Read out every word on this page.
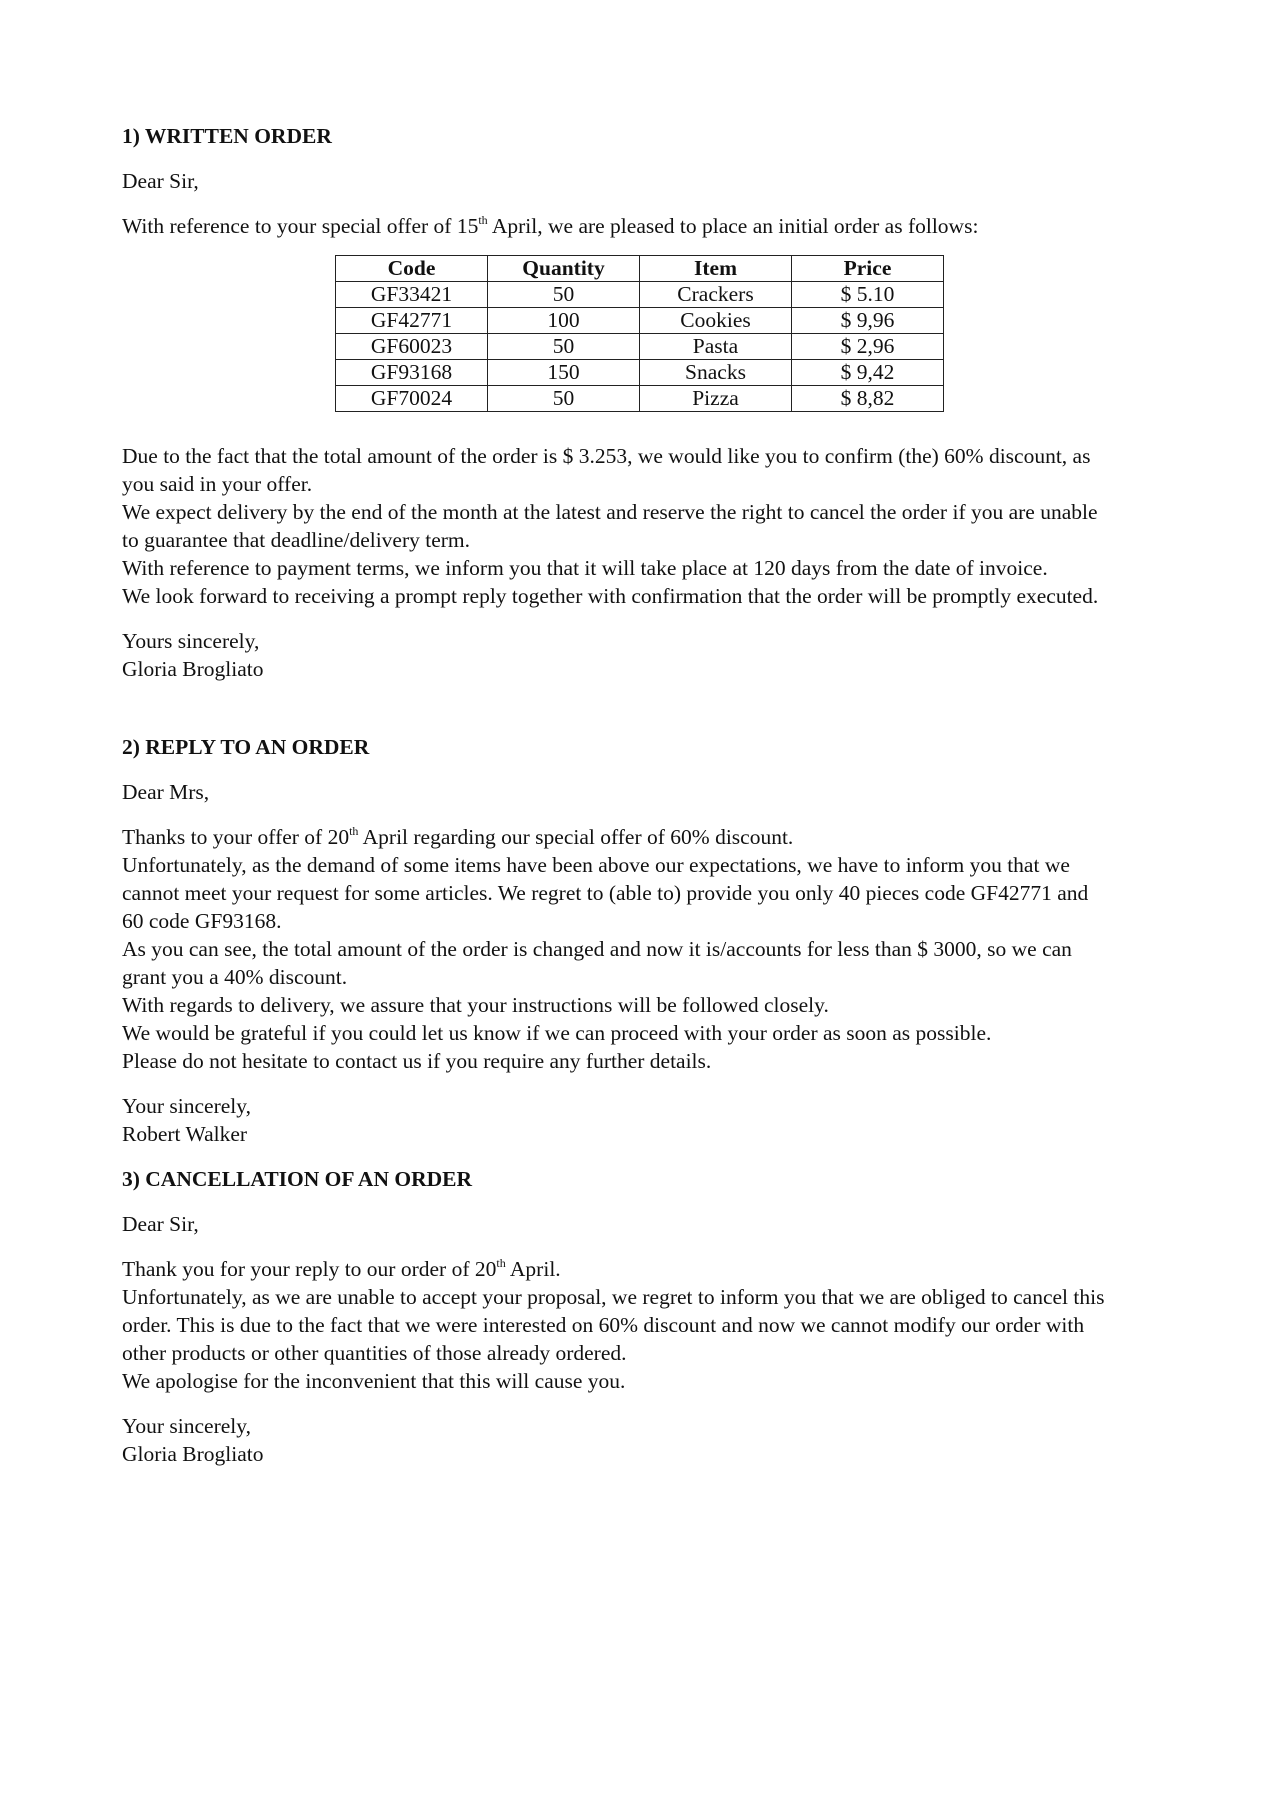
1) WRITTEN ORDER

Dear Sir,

With reference to your special offer of 15th April, we are pleased to place an initial order as follows:

Code	Quantity	Item	Price
GF33421	50	Crackers	$ 5.10
GF42771	100	Cookies	$ 9,96
GF60023	50	Pasta	$ 2,96
GF93168	150	Snacks	$ 9,42
GF70024	50	Pizza	$ 8,82

Due to the fact that the total amount of the order is $ 3.253, we would like you to confirm (the) 60% discount, as
you said in your offer.
We expect delivery by the end of the month at the latest and reserve the right to cancel the order if you are unable
to guarantee that deadline/delivery term.
With reference to payment terms, we inform you that it will take place at 120 days from the date of invoice.
We look forward to receiving a prompt reply together with confirmation that the order will be promptly executed.

Yours sincerely,

Gloria Brogliato

2) REPLY TO AN ORDER

Dear Mrs,

Thanks to your offer of 20th April regarding our special offer of 60% discount.
Unfortunately, as the demand of some items have been above our expectations, we have to inform you that we
cannot meet your request for some articles. We regret to (able to) provide you only 40 pieces code GF42771 and
60 code GF93168.
As you can see, the total amount of the order is changed and now it is/accounts for less than $ 3000, so we can
grant you a 40% discount.
With regards to delivery, we assure that your instructions will be followed closely.
We would be grateful if you could let us know if we can proceed with your order as soon as possible.
Please do not hesitate to contact us if you require any further details.

Your sincerely,

Robert Walker

3) CANCELLATION OF AN ORDER

Dear Sir,

Thank you for your reply to our order of 20th April.
Unfortunately, as we are unable to accept your proposal, we regret to inform you that we are obliged to cancel this
order. This is due to the fact that we were interested on 60% discount and now we cannot modify our order with
other products or other quantities of those already ordered.
We apologise for the inconvenient that this will cause you.

Your sincerely,

Gloria Brogliato
